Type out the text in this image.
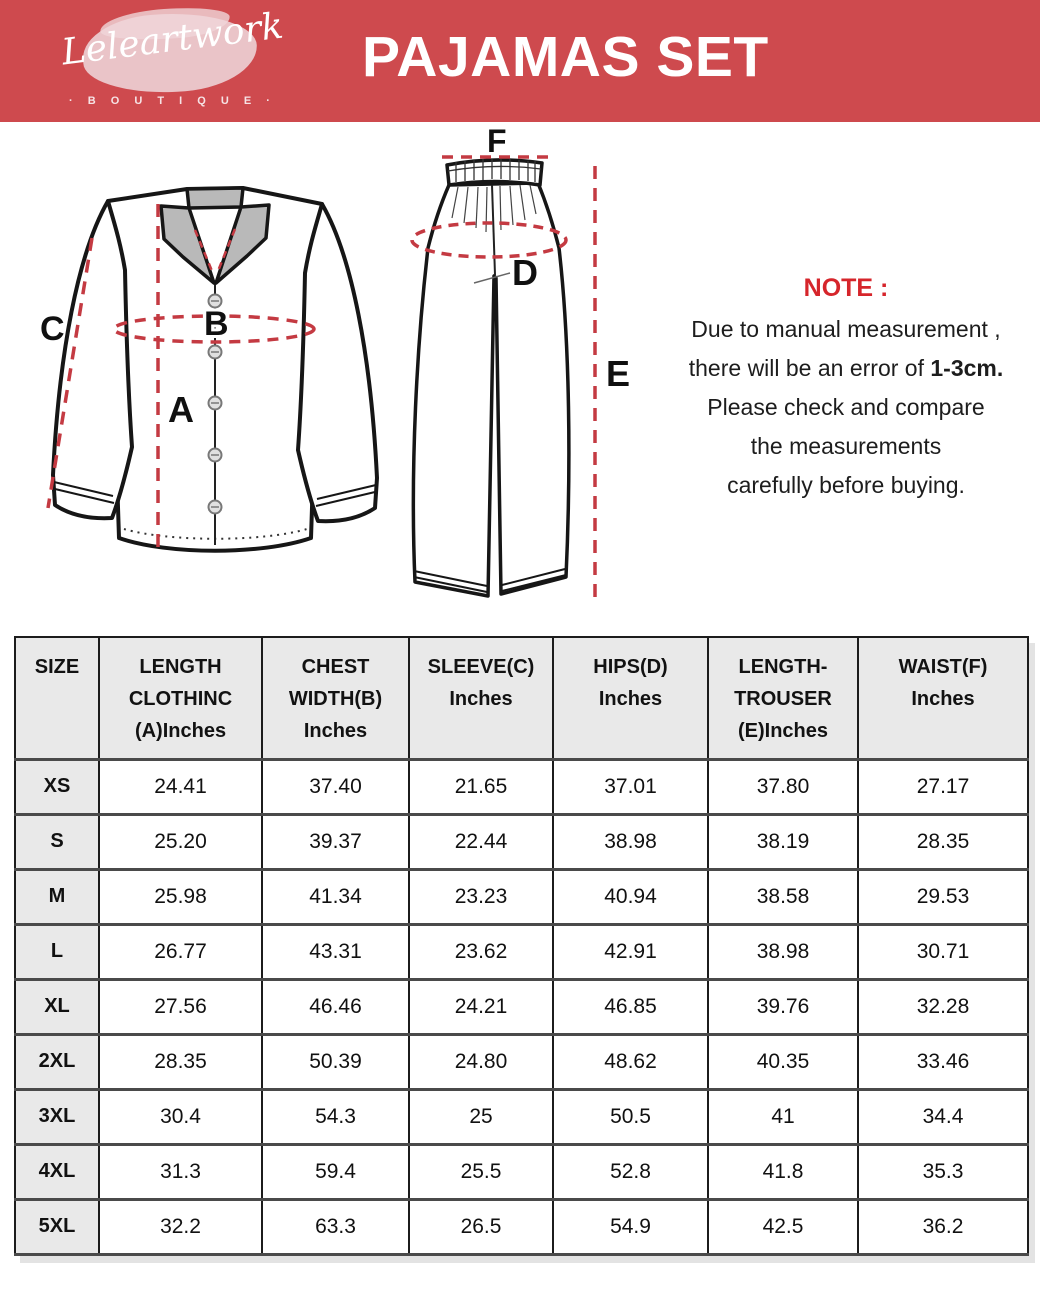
Leleartwork
· B O U T I Q U E ·
PAJAMAS SET
C	B
A
F
D
E
NOTE :

Due to manual measurement ,

there will be an error of 1-3cm.

Please check and compare

the measurements

carefully before buying.

SIZE	LENGTH
CLOTHINC
(A)Inches

CHEST
WIDTH(B)
Inches

SLEEVE(C)
Inches

HIPS(D)
Inches

LENGTH-
TROUSER
(E)Inches

WAIST(F)
Inches

XS	24.41	37.40	21.65	37.01	37.80	27.17
S	25.20	39.37	22.44	38.98	38.19	28.35
M	25.98	41.34	23.23	40.94	38.58	29.53
L	26.77	43.31	23.62	42.91	38.98	30.71
XL	27.56	46.46	24.21	46.85	39.76	32.28
2XL	28.35	50.39	24.80	48.62	40.35	33.46
3XL	30.4	54.3	25	50.5	41	34.4
4XL	31.3	59.4	25.5	52.8	41.8	35.3
5XL	32.2	63.3	26.5	54.9	42.5	36.2
